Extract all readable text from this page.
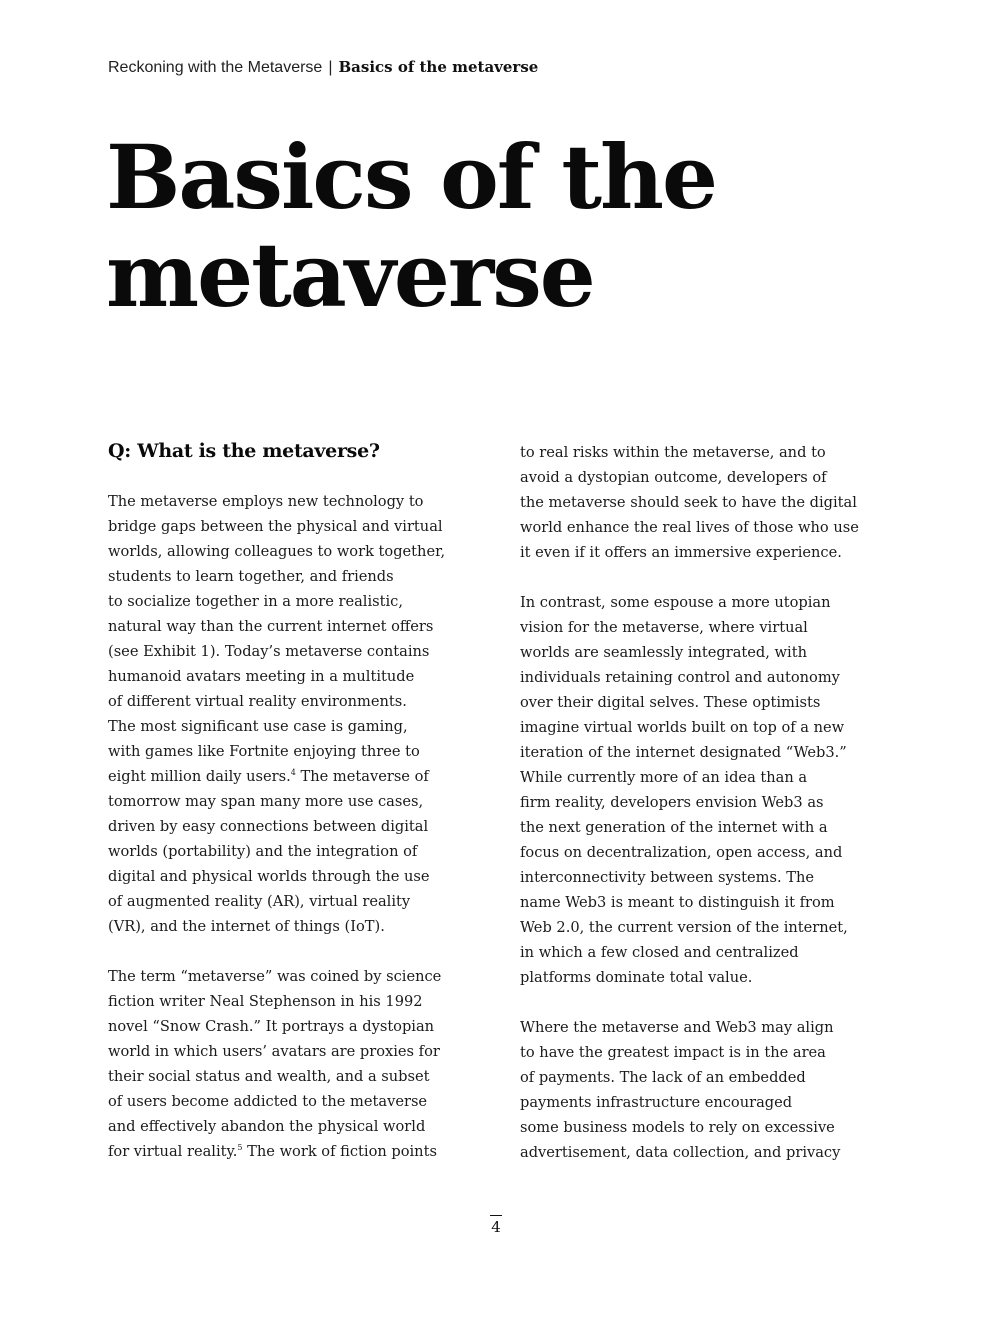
Reckoning with the Metaverse | Basics of the metaverse
Basics of the
metaverse
Q: What is the metaverse?

The metaverse employs new technology to
bridge gaps between the physical and virtual
worlds, allowing colleagues to work together,
students to learn together, and friends
to socialize together in a more realistic,
natural way than the current internet offers
(see Exhibit 1). Today’s metaverse contains
humanoid avatars meeting in a multitude
of different virtual reality environments.
The most significant use case is gaming,
with games like Fortnite enjoying three to
eight million daily users.$^4$ The metaverse of
tomorrow may span many more use cases,
driven by easy connections between digital
worlds (portability) and the integration of
digital and physical worlds through the use
of augmented reality (AR), virtual reality
(VR), and the internet of things (IoT).

The term “metaverse” was coined by science
fiction writer Neal Stephenson in his 1992
novel “Snow Crash.” It portrays a dystopian
world in which users’ avatars are proxies for
their social status and wealth, and a subset
of users become addicted to the metaverse
and effectively abandon the physical world
for virtual reality.$^5$ The work of fiction points

to real risks within the metaverse, and to
avoid a dystopian outcome, developers of
the metaverse should seek to have the digital
world enhance the real lives of those who use
it even if it offers an immersive experience.

In contrast, some espouse a more utopian
vision for the metaverse, where virtual
worlds are seamlessly integrated, with
individuals retaining control and autonomy
over their digital selves. These optimists
imagine virtual worlds built on top of a new
iteration of the internet designated “Web3.”
While currently more of an idea than a
firm reality, developers envision Web3 as
the next generation of the internet with a
focus on decentralization, open access, and
interconnectivity between systems. The
name Web3 is meant to distinguish it from
Web 2.0, the current version of the internet,
in which a few closed and centralized
platforms dominate total value.

Where the metaverse and Web3 may align
to have the greatest impact is in the area
of payments. The lack of an embedded
payments infrastructure encouraged
some business models to rely on excessive
advertisement, data collection, and privacy

4
